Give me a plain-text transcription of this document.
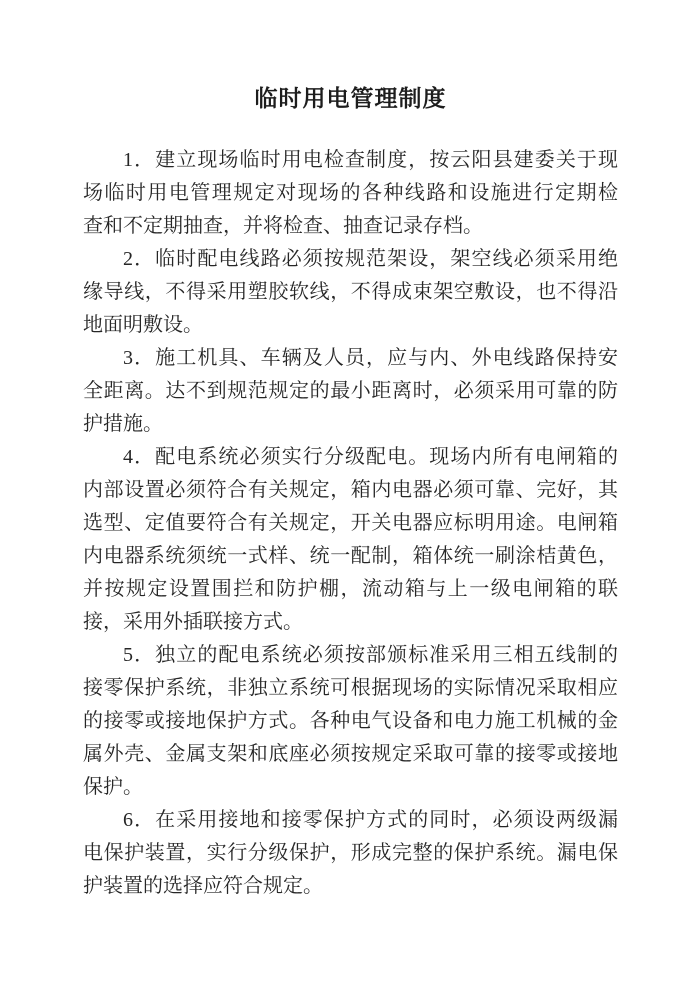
临时用电管理制度

1．建立现场临时用电检查制度，按云阳县建委关于现
场临时用电管理规定对现场的各种线路和设施进行定期检
查和不定期抽查，并将检查、抽查记录存档。

2．临时配电线路必须按规范架设，架空线必须采用绝
缘导线，不得采用塑胶软线，不得成束架空敷设，也不得沿
地面明敷设。

3．施工机具、车辆及人员，应与内、外电线路保持安
全距离。达不到规范规定的最小距离时，必须采用可靠的防
护措施。

4．配电系统必须实行分级配电。现场内所有电闸箱的
内部设置必须符合有关规定，箱内电器必须可靠、完好，其
选型、定值要符合有关规定，开关电器应标明用途。电闸箱
内电器系统须统一式样、统一配制，箱体统一刷涂桔黄色，
并按规定设置围拦和防护棚，流动箱与上一级电闸箱的联
接，采用外插联接方式。

5．独立的配电系统必须按部颁标准采用三相五线制的
接零保护系统，非独立系统可根据现场的实际情况采取相应
的接零或接地保护方式。各种电气设备和电力施工机械的金
属外壳、金属支架和底座必须按规定采取可靠的接零或接地
保护。

6．在采用接地和接零保护方式的同时，必须设两级漏
电保护装置，实行分级保护，形成完整的保护系统。漏电保
护装置的选择应符合规定。
